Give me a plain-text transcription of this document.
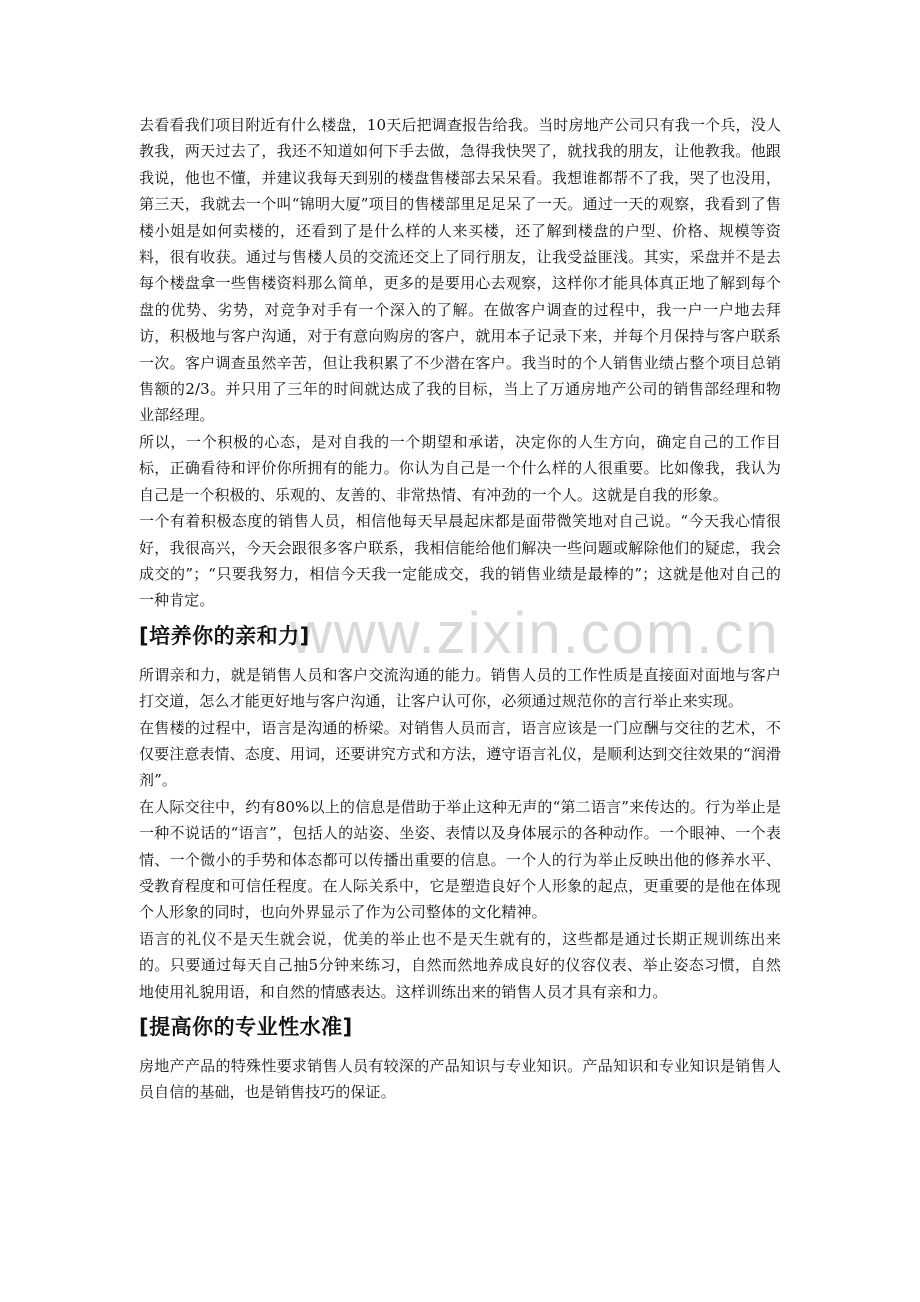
www.zixin.com.cn

去看看我们项目附近有什么楼盘，10天后把调查报告给我。当时房地产公司只有我一个兵，没人教我，两天过去了，我还不知道如何下手去做，急得我快哭了，就找我的朋友，让他教我。他跟我说，他也不懂，并建议我每天到别的楼盘售楼部去呆呆看。我想谁都帮不了我，哭了也没用，第三天，我就去一个叫“锦明大厦”项目的售楼部里足足呆了一天。通过一天的观察，我看到了售楼小姐是如何卖楼的，还看到了是什么样的人来买楼，还了解到楼盘的户型、价格、规模等资料，很有收获。通过与售楼人员的交流还交上了同行朋友，让我受益匪浅。其实，采盘并不是去每个楼盘拿一些售楼资料那么简单，更多的是要用心去观察，这样你才能具体真正地了解到每个盘的优势、劣势，对竞争对手有一个深入的了解。在做客户调查的过程中，我一户一户地去拜访，积极地与客户沟通，对于有意向购房的客户，就用本子记录下来，并每个月保持与客户联系一次。客户调查虽然辛苦，但让我积累了不少潜在客户。我当时的个人销售业绩占整个项目总销售额的2/3。并只用了三年的时间就达成了我的目标，当上了万通房地产公司的销售部经理和物业部经理。

所以，一个积极的心态，是对自我的一个期望和承诺，决定你的人生方向，确定自己的工作目标，正确看待和评价你所拥有的能力。你认为自己是一个什么样的人很重要。比如像我，我认为自己是一个积极的、乐观的、友善的、非常热情、有冲劲的一个人。这就是自我的形象。

一个有着积极态度的销售人员，相信他每天早晨起床都是面带微笑地对自己说。“今天我心情很好，我很高兴，今天会跟很多客户联系，我相信能给他们解决一些问题或解除他们的疑虑，我会成交的”；“只要我努力，相信今天我一定能成交，我的销售业绩是最棒的”；这就是他对自己的一种肯定。

[培养你的亲和力]

所谓亲和力，就是销售人员和客户交流沟通的能力。销售人员的工作性质是直接面对面地与客户打交道，怎么才能更好地与客户沟通，让客户认可你，必须通过规范你的言行举止来实现。

在售楼的过程中，语言是沟通的桥梁。对销售人员而言，语言应该是一门应酬与交往的艺术，不仅要注意表情、态度、用词，还要讲究方式和方法，遵守语言礼仪，是顺利达到交往效果的“润滑剂”。

在人际交往中，约有80%以上的信息是借助于举止这种无声的“第二语言”来传达的。行为举止是一种不说话的“语言”，包括人的站姿、坐姿、表情以及身体展示的各种动作。一个眼神、一个表情、一个微小的手势和体态都可以传播出重要的信息。一个人的行为举止反映出他的修养水平、受教育程度和可信任程度。在人际关系中，它是塑造良好个人形象的起点，更重要的是他在体现个人形象的同时，也向外界显示了作为公司整体的文化精神。

语言的礼仪不是天生就会说，优美的举止也不是天生就有的，这些都是通过长期正规训练出来的。只要通过每天自己抽5分钟来练习，自然而然地养成良好的仪容仪表、举止姿态习惯，自然地使用礼貌用语，和自然的情感表达。这样训练出来的销售人员才具有亲和力。

[提高你的专业性水准]

房地产产品的特殊性要求销售人员有较深的产品知识与专业知识。产品知识和专业知识是销售人员自信的基础，也是销售技巧的保证。
